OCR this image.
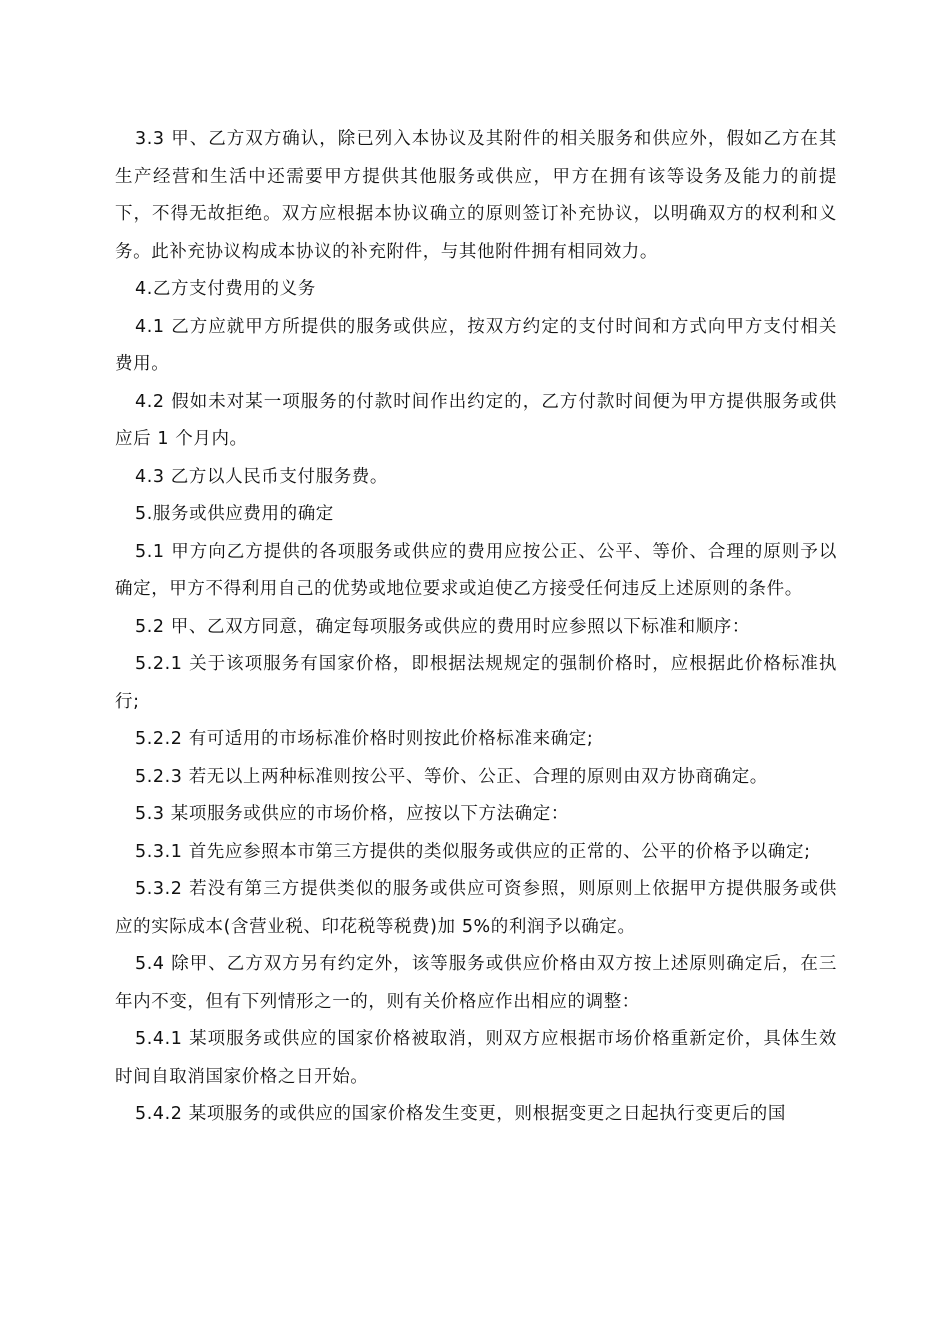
3.3 甲、乙方双方确认，除已列入本协议及其附件的相关服务和供应外，假如乙方在其生产经营和生活中还需要甲方提供其他服务或供应，甲方在拥有该等设务及能力的前提下，不得无故拒绝。双方应根据本协议确立的原则签订补充协议，以明确双方的权利和义务。此补充协议构成本协议的补充附件，与其他附件拥有相同效力。

4.乙方支付费用的义务

4.1 乙方应就甲方所提供的服务或供应，按双方约定的支付时间和方式向甲方支付相关费用。

4.2 假如未对某一项服务的付款时间作出约定的，乙方付款时间便为甲方提供服务或供应后 1 个月内。

4.3 乙方以人民币支付服务费。

5.服务或供应费用的确定

5.1 甲方向乙方提供的各项服务或供应的费用应按公正、公平、等价、合理的原则予以确定，甲方不得利用自己的优势或地位要求或迫使乙方接受任何违反上述原则的条件。

5.2 甲、乙双方同意，确定每项服务或供应的费用时应参照以下标准和顺序：

5.2.1 关于该项服务有国家价格，即根据法规规定的强制价格时，应根据此价格标准执行;

5.2.2 有可适用的市场标准价格时则按此价格标准来确定;

5.2.3 若无以上两种标准则按公平、等价、公正、合理的原则由双方协商确定。

5.3 某项服务或供应的市场价格，应按以下方法确定：

5.3.1 首先应参照本市第三方提供的类似服务或供应的正常的、公平的价格予以确定;

5.3.2 若没有第三方提供类似的服务或供应可资参照，则原则上依据甲方提供服务或供应的实际成本(含营业税、印花税等税费)加 5%的利润予以确定。

5.4 除甲、乙方双方另有约定外，该等服务或供应价格由双方按上述原则确定后，在三年内不变，但有下列情形之一的，则有关价格应作出相应的调整：

5.4.1 某项服务或供应的国家价格被取消，则双方应根据市场价格重新定价，具体生效时间自取消国家价格之日开始。

5.4.2 某项服务的或供应的国家价格发生变更，则根据变更之日起执行变更后的国
